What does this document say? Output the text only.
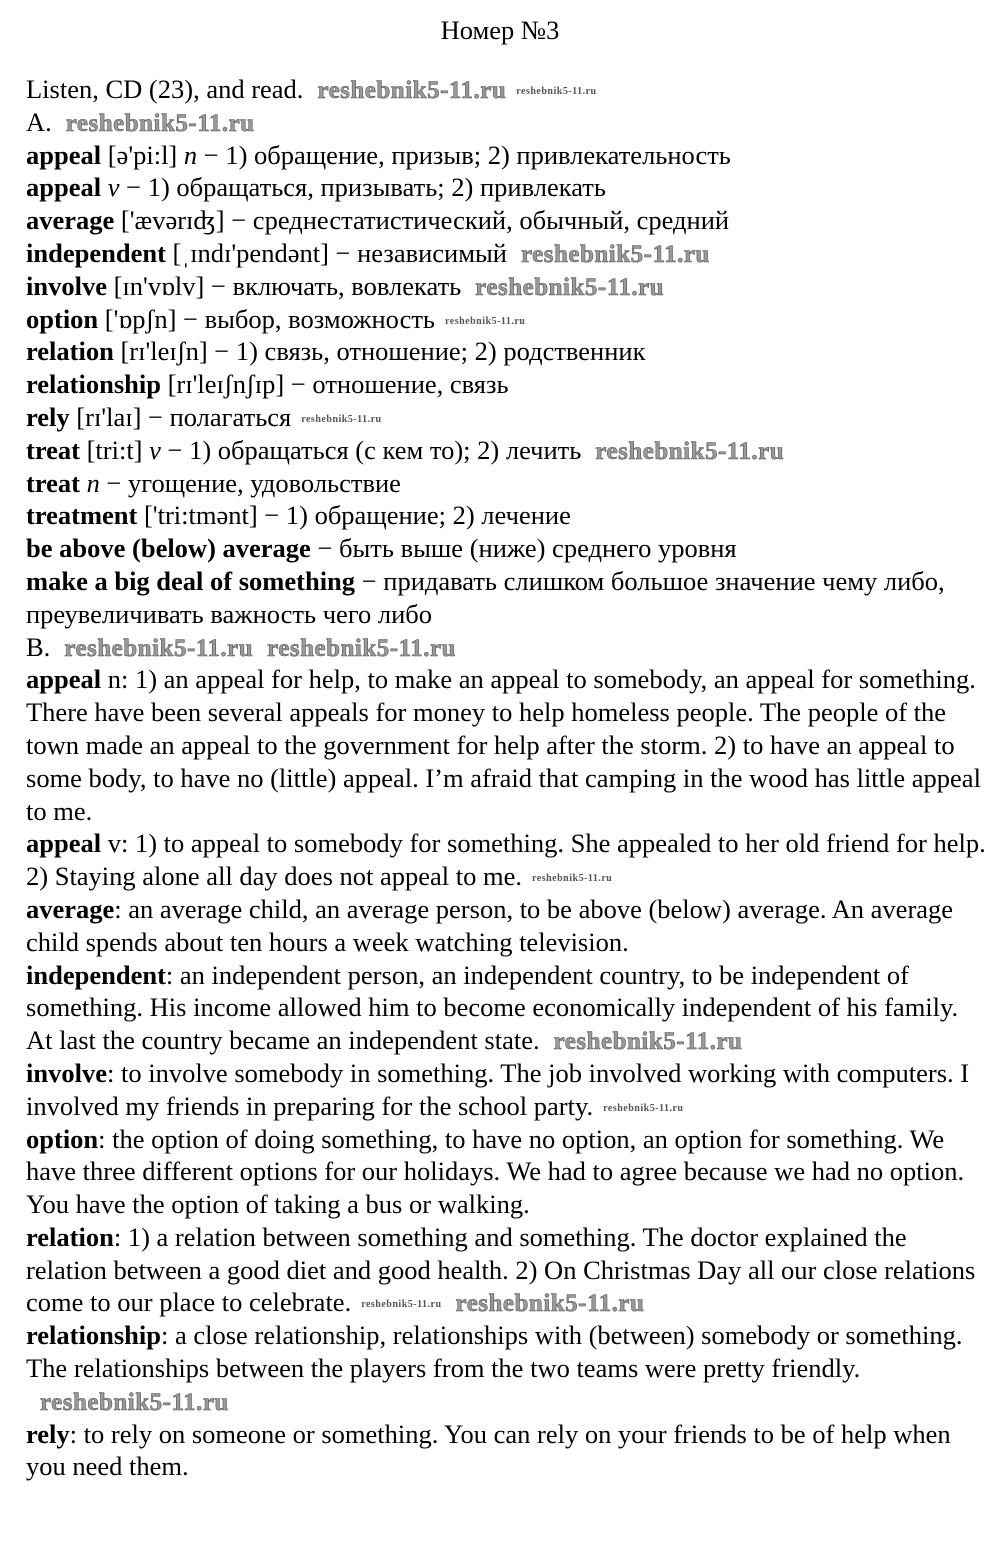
Номер №3

Listen, CD (23), and read. reshebnik5-11.ru reshebnik5-11.ru

A. reshebnik5-11.ru

appeal [ə'pi:l] n − 1) обращение, призыв; 2) привлекательность

appeal v − 1) обращаться, призывать; 2) привлекать

average ['ævərɪʤ] − среднестатистический, обычный, средний

independent [ˌɪndɪ'pendənt] − независимый reshebnik5-11.ru

involve [ɪn'vɒlv] − включать, вовлекать reshebnik5-11.ru

option ['ɒpʃn] − выбор, возможность reshebnik5-11.ru

relation [rɪ'leɪʃn] − 1) связь, отношение; 2) родственник

relationship [rɪ'leɪʃnʃɪp] − отношение, связь

rely [rɪ'laɪ] − полагаться reshebnik5-11.ru

treat [tri:t] v − 1) обращаться (с кем то); 2) лечить reshebnik5-11.ru

treat n − угощение, удовольствие

treatment ['tri:tmənt] − 1) обращение; 2) лечение

be above (below) average − быть выше (ниже) среднего уровня

make a big deal of something − придавать слишком большое значение чему либо, преувеличивать важность чего либо

B. reshebnik5-11.ru reshebnik5-11.ru

appeal n: 1) an appeal for help, to make an appeal to somebody, an appeal for something. There have been several appeals for money to help homeless people. The people of the town made an appeal to the government for help after the storm. 2) to have an appeal to some body, to have no (little) appeal. I’m afraid that camping in the wood has little appeal to me.

appeal v: 1) to appeal to somebody for something. She appealed to her old friend for help. 2) Staying alone all day does not appeal to me. reshebnik5-11.ru

average: an average child, an average person, to be above (below) average. An average child spends about ten hours a week watching television.

independent: an independent person, an independent country, to be independent of something. His income allowed him to become economically independent of his family. At last the country became an independent state. reshebnik5-11.ru

involve: to involve somebody in something. The job involved working with computers. I involved my friends in preparing for the school party. reshebnik5-11.ru

option: the option of doing something, to have no option, an option for something. We have three different options for our holidays. We had to agree because we had no option. You have the option of taking a bus or walking.

relation: 1) a relation between something and something. The doctor explained the relation between a good diet and good health. 2) On Christmas Day all our close relations come to our place to celebrate. reshebnik5-11.ru reshebnik5-11.ru

relationship: a close relationship, relationships with (between) somebody or something. The relationships between the players from the two teams were pretty friendly.reshebnik5-11.ru

rely: to rely on someone or something. You can rely on your friends to be of help when you need them.
